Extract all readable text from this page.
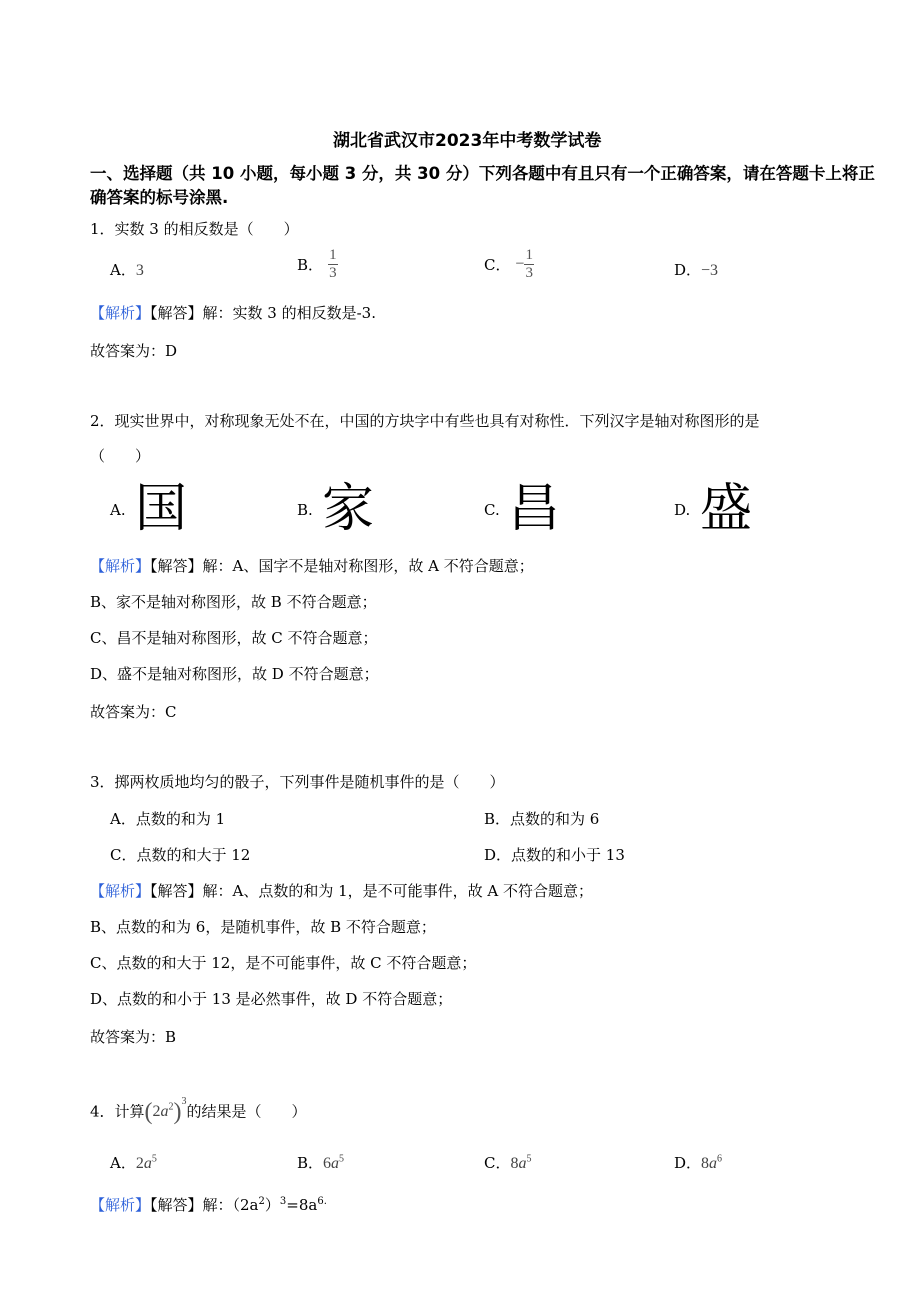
湖北省武汉市2023年中考数学试卷
一、选择题（共 10 小题，每小题 3 分，共 30 分）下列各题中有且只有一个正确答案，请在答题卡上将正确答案的标号涂黑.
1．实数 3 的相反数是（　　）
A．3	B． $\frac{1}{3}$	C． − $\frac{1}{3}$	D．−3
【解析】【解答】解：实数 3 的相反数是-3.
故答案为：D
2．现实世界中，对称现象无处不在，中国的方块字中有些也具有对称性．下列汉字是轴对称图形的是
（　　）
A. 国	B. 家	C. 昌	D. 盛
【解析】【解答】解：A、国字不是轴对称图形，故 A 不符合题意；
B、家不是轴对称图形，故 B 不符合题意；
C、昌不是轴对称图形，故 C 不符合题意；
D、盛不是轴对称图形，故 D 不符合题意；
故答案为：C
3．掷两枚质地均匀的骰子，下列事件是随机事件的是（　　）
A．点数的和为 1	B．点数的和为 6
C．点数的和大于 12	D．点数的和小于 13
【解析】【解答】解：A、点数的和为 1，是不可能事件，故 A 不符合题意；
B、点数的和为 6，是随机事件，故 B 不符合题意；
C、点数的和大于 12，是不可能事件，故 C 不符合题意；
D、点数的和小于 13 是必然事件，故 D 不符合题意；
故答案为：B
4．计算$(2a^2)^3$的结果是（　　）
A．$2a^5$	B．$6a^5$	C．$8a^5$	D．$8a^6$
【解析】【解答】解：$(2a^2)^3=8a^{6.}$
